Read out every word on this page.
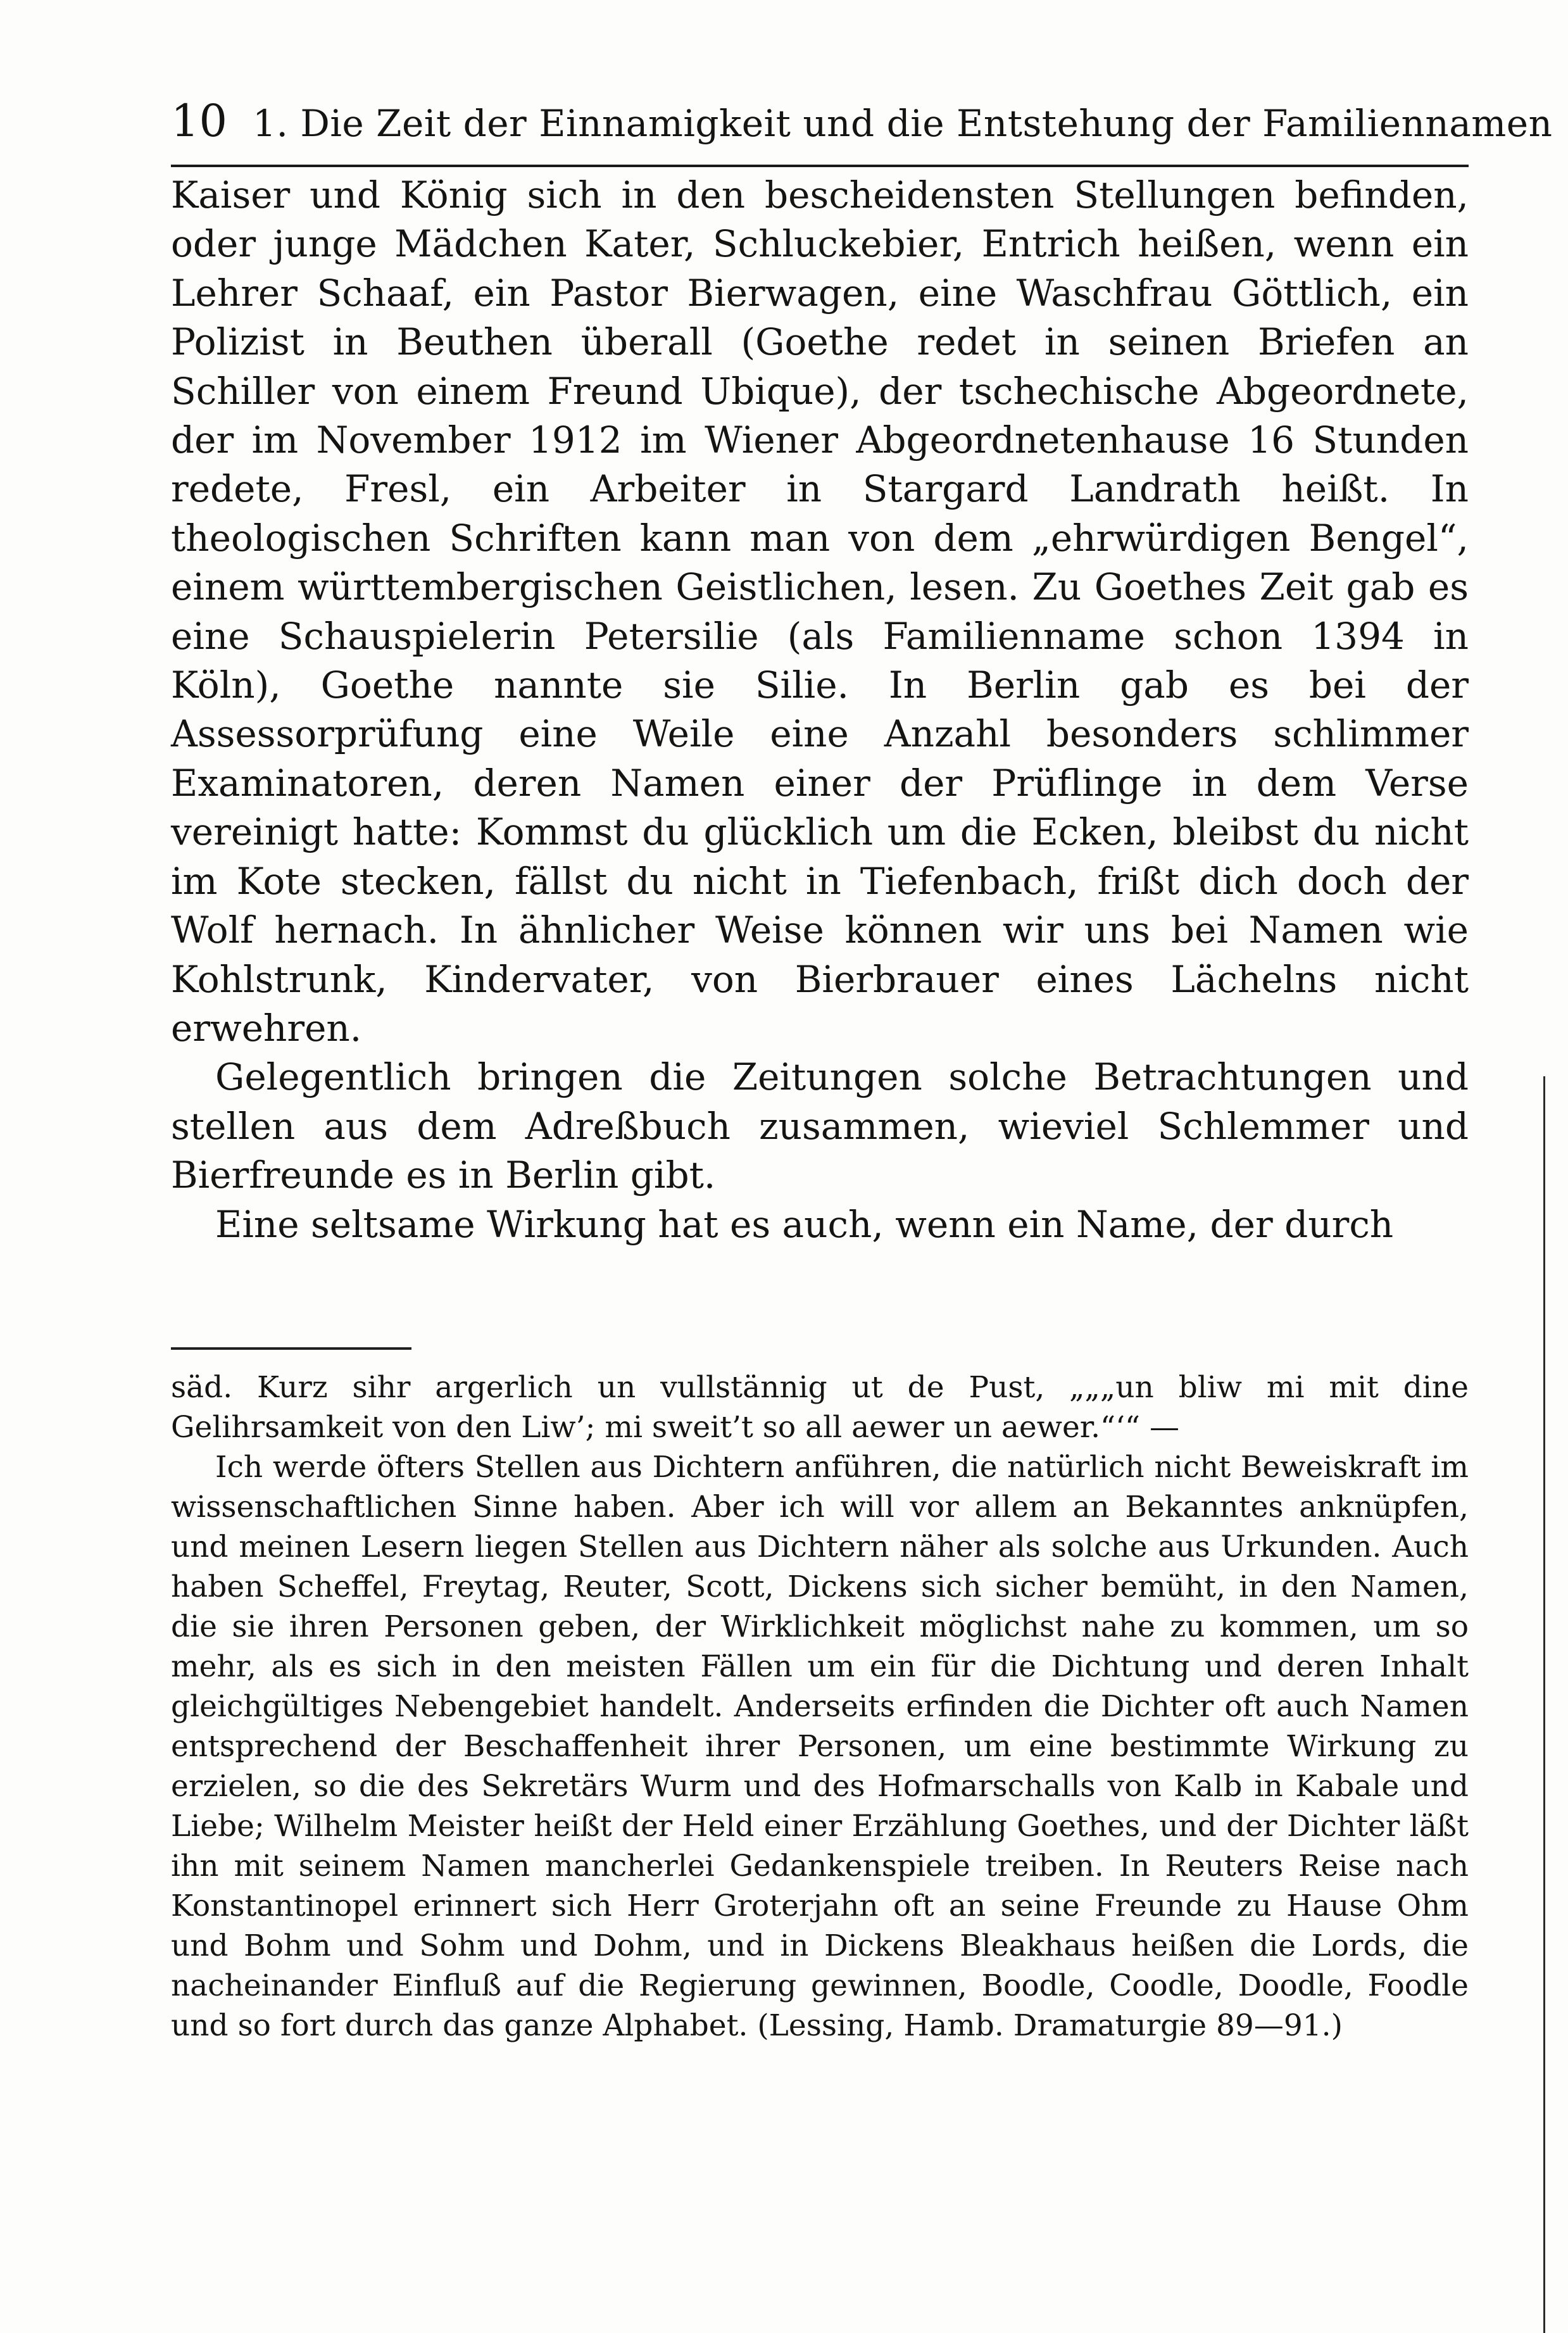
10 1. Die Zeit der Einnamigkeit und die Entstehung der Familiennamen

Kaiser und König sich in den bescheidensten Stellungen befinden, oder junge Mädchen Kater, Schluckebier, Entrich heißen, wenn ein Lehrer Schaaf, ein Pastor Bierwagen, eine Waschfrau Göttlich, ein Polizist in Beuthen überall (Goethe redet in seinen Briefen an Schiller von einem Freund Ubique), der tschechische Abgeordnete, der im November 1912 im Wiener Abgeordnetenhause 16 Stunden redete, Fresl, ein Arbeiter in Stargard Landrath heißt. In theologischen Schriften kann man von dem „ehrwürdigen Bengel“, einem württembergischen Geistlichen, lesen. Zu Goethes Zeit gab es eine Schauspielerin Petersilie (als Familienname schon 1394 in Köln), Goethe nannte sie Silie. In Berlin gab es bei der Assessorprüfung eine Weile eine Anzahl besonders schlimmer Examinatoren, deren Namen einer der Prüflinge in dem Verse vereinigt hatte: Kommst du glücklich um die Ecken, bleibst du nicht im Kote stecken, fällst du nicht in Tiefenbach, frißt dich doch der Wolf hernach. In ähnlicher Weise können wir uns bei Namen wie Kohlstrunk, Kindervater, von Bierbrauer eines Lächelns nicht erwehren.

Gelegentlich bringen die Zeitungen solche Betrachtungen und stellen aus dem Adreßbuch zusammen, wieviel Schlemmer und Bierfreunde es in Berlin gibt.

Eine seltsame Wirkung hat es auch, wenn ein Name, der durch

säd. Kurz sihr argerlich un vullstännig ut de Pust, „„„un bliw mi mit dine Gelihrsamkeit von den Liw’; mi sweit’t so all aewer un aewer.“‘“ —

Ich werde öfters Stellen aus Dichtern anführen, die natürlich nicht Beweiskraft im wissenschaftlichen Sinne haben. Aber ich will vor allem an Bekanntes anknüpfen, und meinen Lesern liegen Stellen aus Dichtern näher als solche aus Urkunden. Auch haben Scheffel, Freytag, Reuter, Scott, Dickens sich sicher bemüht, in den Namen, die sie ihren Personen geben, der Wirklichkeit möglichst nahe zu kommen, um so mehr, als es sich in den meisten Fällen um ein für die Dichtung und deren Inhalt gleichgültiges Nebengebiet handelt. Anderseits erfinden die Dichter oft auch Namen entsprechend der Beschaffenheit ihrer Personen, um eine bestimmte Wirkung zu erzielen, so die des Sekretärs Wurm und des Hofmarschalls von Kalb in Kabale und Liebe; Wilhelm Meister heißt der Held einer Erzählung Goethes, und der Dichter läßt ihn mit seinem Namen mancherlei Gedankenspiele treiben. In Reuters Reise nach Konstantinopel erinnert sich Herr Groterjahn oft an seine Freunde zu Hause Ohm und Bohm und Sohm und Dohm, und in Dickens Bleakhaus heißen die Lords, die nacheinander Einfluß auf die Regierung gewinnen, Boodle, Coodle, Doodle, Foodle und so fort durch das ganze Alphabet. (Lessing, Hamb. Dramaturgie 89—91.)
